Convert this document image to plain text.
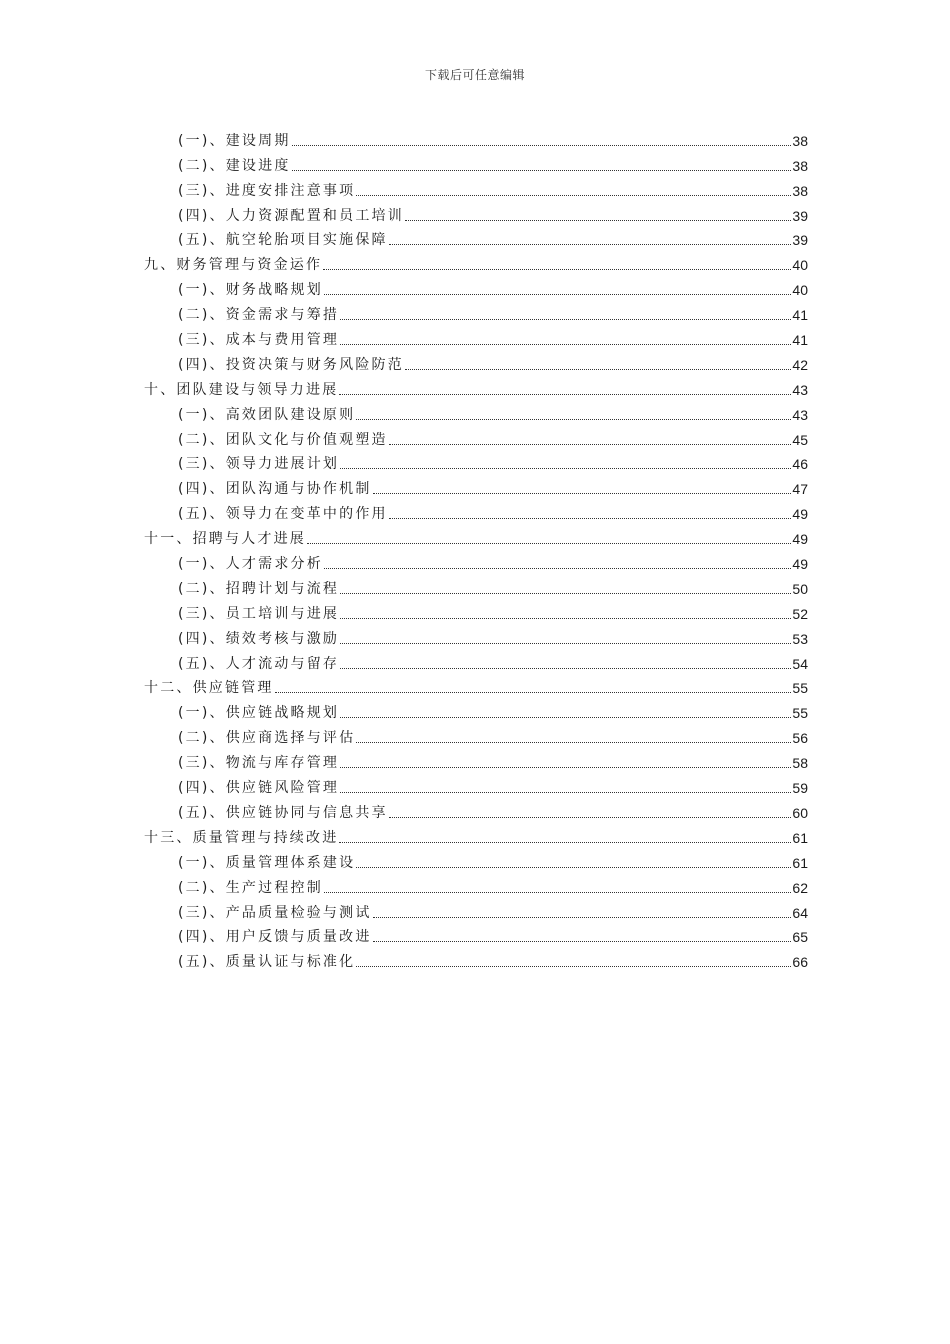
下载后可任意编辑
(一)、建设周期	38
(二)、建设进度	38
(三)、进度安排注意事项	38
(四)、人力资源配置和员工培训	39
(五)、航空轮胎项目实施保障	39
九、财务管理与资金运作	40
(一)、财务战略规划	40
(二)、资金需求与筹措	41
(三)、成本与费用管理	41
(四)、投资决策与财务风险防范	42
十、团队建设与领导力进展	43
(一)、高效团队建设原则	43
(二)、团队文化与价值观塑造	45
(三)、领导力进展计划	46
(四)、团队沟通与协作机制	47
(五)、领导力在变革中的作用	49
十一、招聘与人才进展	49
(一)、人才需求分析	49
(二)、招聘计划与流程	50
(三)、员工培训与进展	52
(四)、绩效考核与激励	53
(五)、人才流动与留存	54
十二、供应链管理	55
(一)、供应链战略规划	55
(二)、供应商选择与评估	56
(三)、物流与库存管理	58
(四)、供应链风险管理	59
(五)、供应链协同与信息共享	60
十三、质量管理与持续改进	61
(一)、质量管理体系建设	61
(二)、生产过程控制	62
(三)、产品质量检验与测试	64
(四)、用户反馈与质量改进	65
(五)、质量认证与标准化	66
